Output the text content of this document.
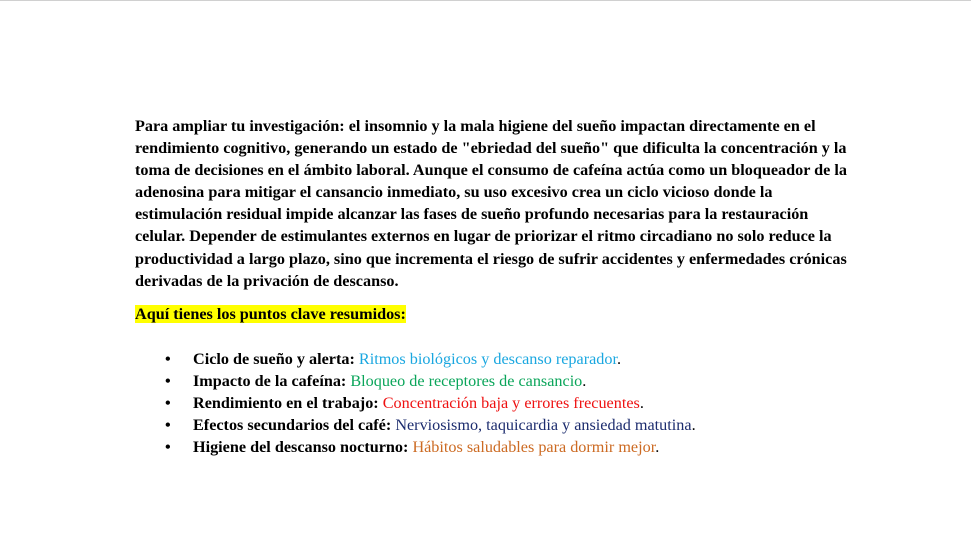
Para ampliar tu investigación: el insomnio y la mala higiene del sueño impactan directamente en el rendimiento cognitivo, generando un estado de "ebriedad del sueño" que dificulta la concentración y la toma de decisiones en el ámbito laboral. Aunque el consumo de cafeína actúa como un bloqueador de la adenosina para mitigar el cansancio inmediato, su uso excesivo crea un ciclo vicioso donde la estimulación residual impide alcanzar las fases de sueño profundo necesarias para la restauración celular. Depender de estimulantes externos en lugar de priorizar el ritmo circadiano no solo reduce la productividad a largo plazo, sino que incrementa el riesgo de sufrir accidentes y enfermedades crónicas derivadas de la privación de descanso.

Aquí tienes los puntos clave resumidos:

• Ciclo de sueño y alerta: Ritmos biológicos y descanso reparador.
• Impacto de la cafeína: Bloqueo de receptores de cansancio.
• Rendimiento en el trabajo: Concentración baja y errores frecuentes.
• Efectos secundarios del café: Nerviosismo, taquicardia y ansiedad matutina.
• Higiene del descanso nocturno: Hábitos saludables para dormir mejor.
